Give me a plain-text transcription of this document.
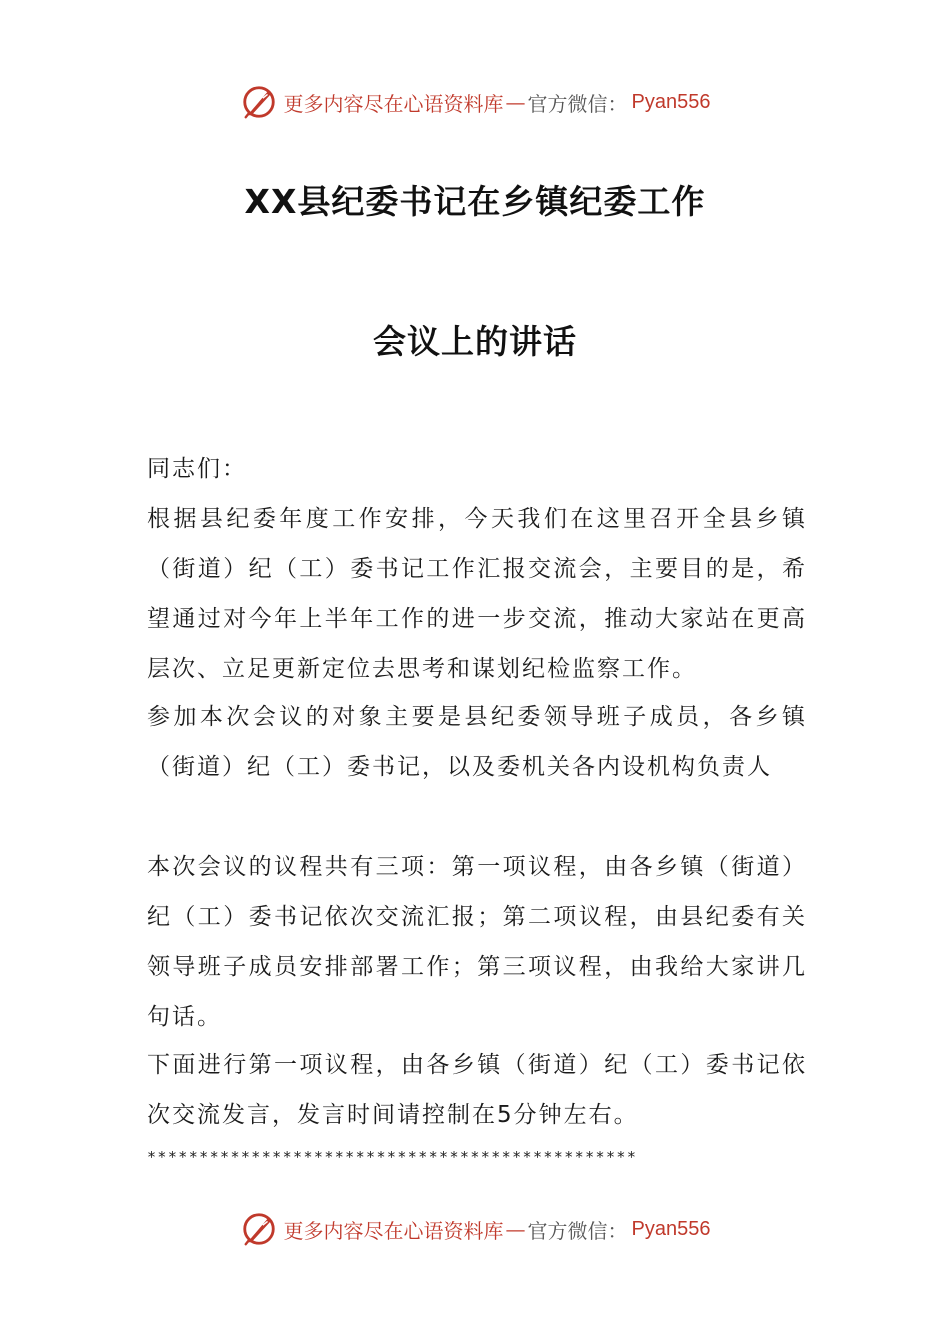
更多内容尽在心语资料库 — 官方微信： Pyan556
XX县纪委书记在乡镇纪委工作
会议上的讲话
同志们：
根据县纪委年度工作安排，今天我们在这里召开全县乡镇（街道）纪（工）委书记工作汇报交流会，主要目的是，希望通过对今年上半年工作的进一步交流，推动大家站在更高层次、立足更新定位去思考和谋划纪检监察工作。
参加本次会议的对象主要是县纪委领导班子成员，各乡镇（街道）纪（工）委书记，以及委机关各内设机构负责人
本次会议的议程共有三项：第一项议程，由各乡镇（街道）纪（工）委书记依次交流汇报；第二项议程，由县纪委有关领导班子成员安排部署工作；第三项议程，由我给大家讲几句话。
下面进行第一项议程，由各乡镇（街道）纪（工）委书记依次交流发言，发言时间请控制在5分钟左右。
***********************************************
更多内容尽在心语资料库 — 官方微信： Pyan556
